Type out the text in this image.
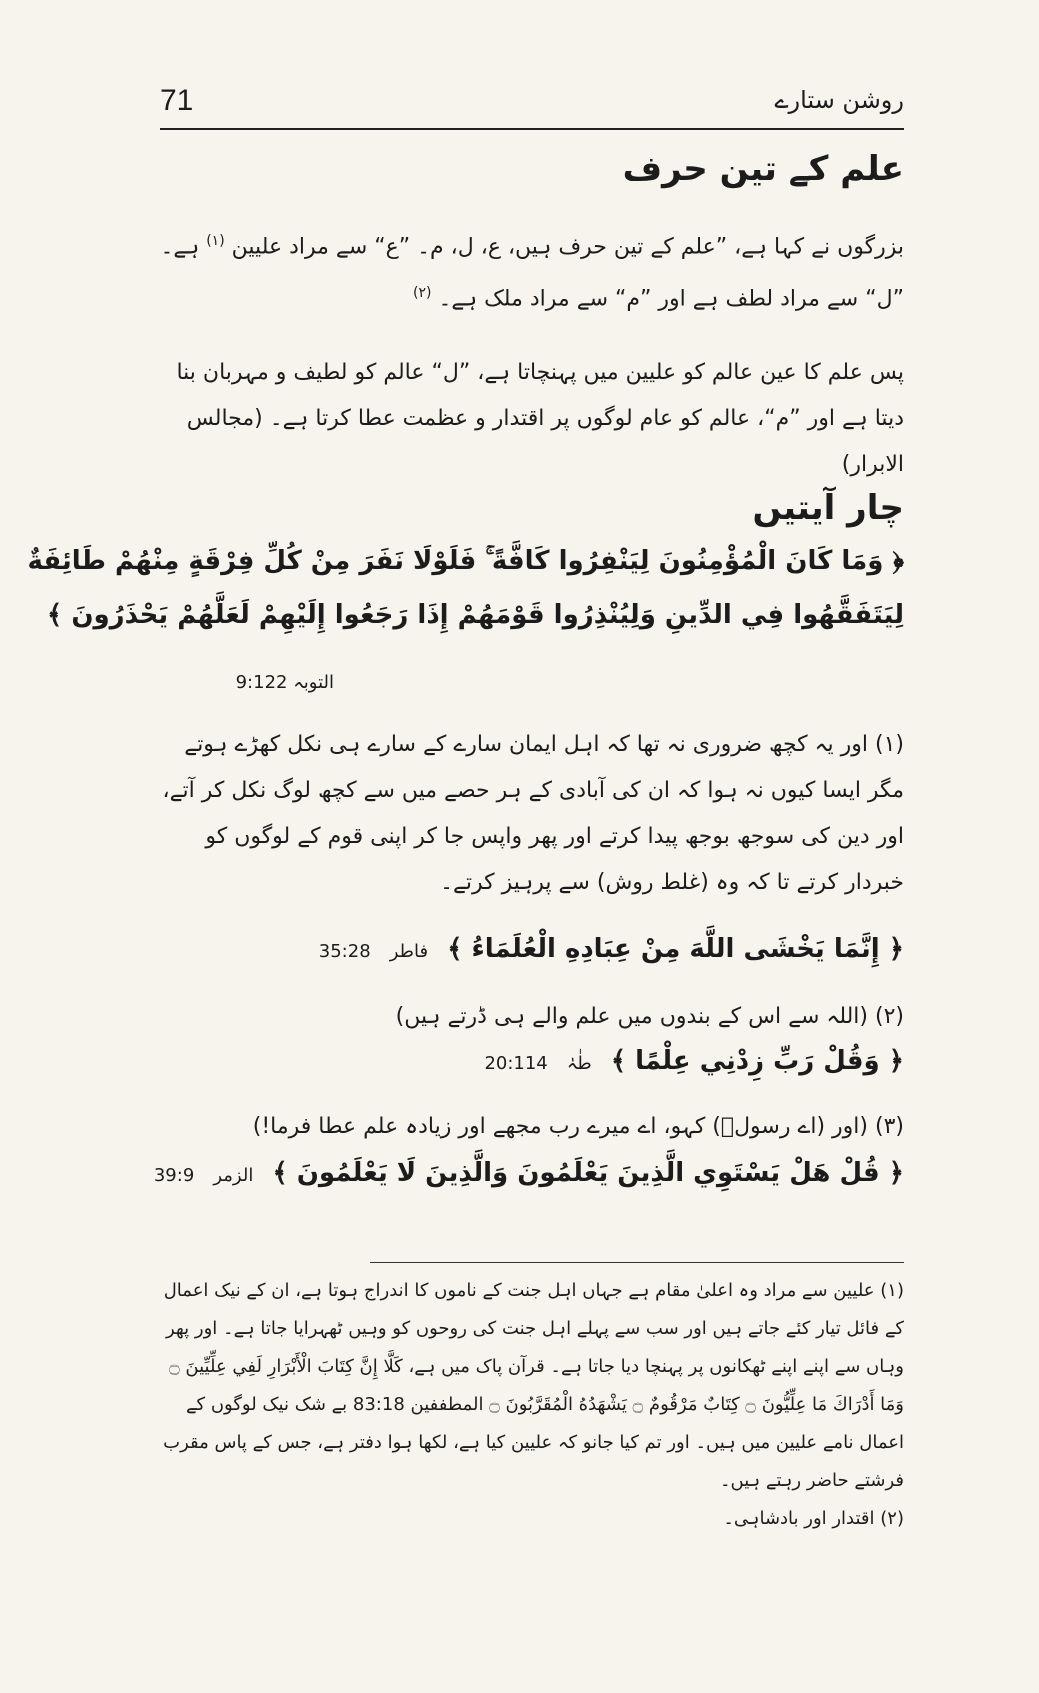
71	روشن ستارے
علم کے تین حرف
بزرگوں نے کہا ہے، ”علم کے تین حرف ہیں، ع، ل، م۔ ”ع“ سے مراد علیین $^{(۱)}$ ہے۔
”ل“ سے مراد لطف ہے اور ”م“ سے مراد ملک ہے۔ $^{(۲)}$
پس علم کا عین عالم کو علیین میں پہنچاتا ہے، ”ل“ عالم کو لطیف و مہربان بنا دیتا ہے اور ”م“، عالم کو عام لوگوں پر اقتدار و عظمت عطا کرتا ہے۔ (مجالس الابرار)
چار آیتیں
﴿ وَمَا كَانَ الْمُؤْمِنُونَ لِيَنْفِرُوا كَافَّةً ۚ فَلَوْلَا نَفَرَ مِنْ كُلِّ فِرْقَةٍ مِنْهُمْ طَائِفَةٌ
لِيَتَفَقَّهُوا فِي الدِّينِ وَلِيُنْذِرُوا قَوْمَهُمْ إِذَا رَجَعُوا إِلَيْهِمْ لَعَلَّهُمْ يَحْذَرُونَ ﴾
التوبہ 9:122
(۱) اور یہ کچھ ضروری نہ تھا کہ اہل ایمان سارے کے سارے ہی نکل کھڑے ہوتے مگر ایسا کیوں نہ ہوا کہ ان کی آبادی کے ہر حصے میں سے کچھ لوگ نکل کر آتے، اور دین کی سوجھ بوجھ پیدا کرتے اور پھر واپس جا کر اپنی قوم کے لوگوں کو خبردار کرتے تا کہ وہ (غلط روش) سے پرہیز کرتے۔
﴿ إِنَّمَا يَخْشَى اللَّهَ مِنْ عِبَادِهِ الْعُلَمَاءُ ﴾ فاطر 35:28
(۲) (اللہ سے اس کے بندوں میں علم والے ہی ڈرتے ہیں)
﴿ وَقُلْ رَبِّ زِدْنِي عِلْمًا ﴾ طٰہٰ 20:114
(۳) (اور (اے رسولؐ) کہو، اے میرے رب مجھے اور زیادہ علم عطا فرما!)
﴿ قُلْ هَلْ يَسْتَوِي الَّذِينَ يَعْلَمُونَ وَالَّذِينَ لَا يَعْلَمُونَ ﴾ الزمر 39:9

(۱) علیین سے مراد وہ اعلیٰ مقام ہے جہاں اہل جنت کے ناموں کا اندراج ہوتا ہے، ان کے نیک اعمال کے فائل تیار کئے جاتے ہیں اور سب سے پہلے اہل جنت کی روحوں کو وہیں ٹھہرایا جاتا ہے۔ اور پھر وہاں سے اپنے اپنے ٹھکانوں پر پہنچا دیا جاتا ہے۔ قرآن پاک میں ہے، كَلَّا إِنَّ كِتَابَ الْأَبْرَارِ لَفِي عِلِّيِّينَ ۝ وَمَا أَدْرَاكَ مَا عِلِّيُّونَ ۝ كِتَابٌ مَرْقُومٌ ۝ يَشْهَدُهُ الْمُقَرَّبُونَ ۝ المطففین 83:18 بے شک نیک لوگوں کے اعمال نامے علیین میں ہیں۔ اور تم کیا جانو کہ علیین کیا ہے، لکھا ہوا دفتر ہے، جس کے پاس مقرب فرشتے حاضر رہتے ہیں۔

(۲) اقتدار اور بادشاہی۔
